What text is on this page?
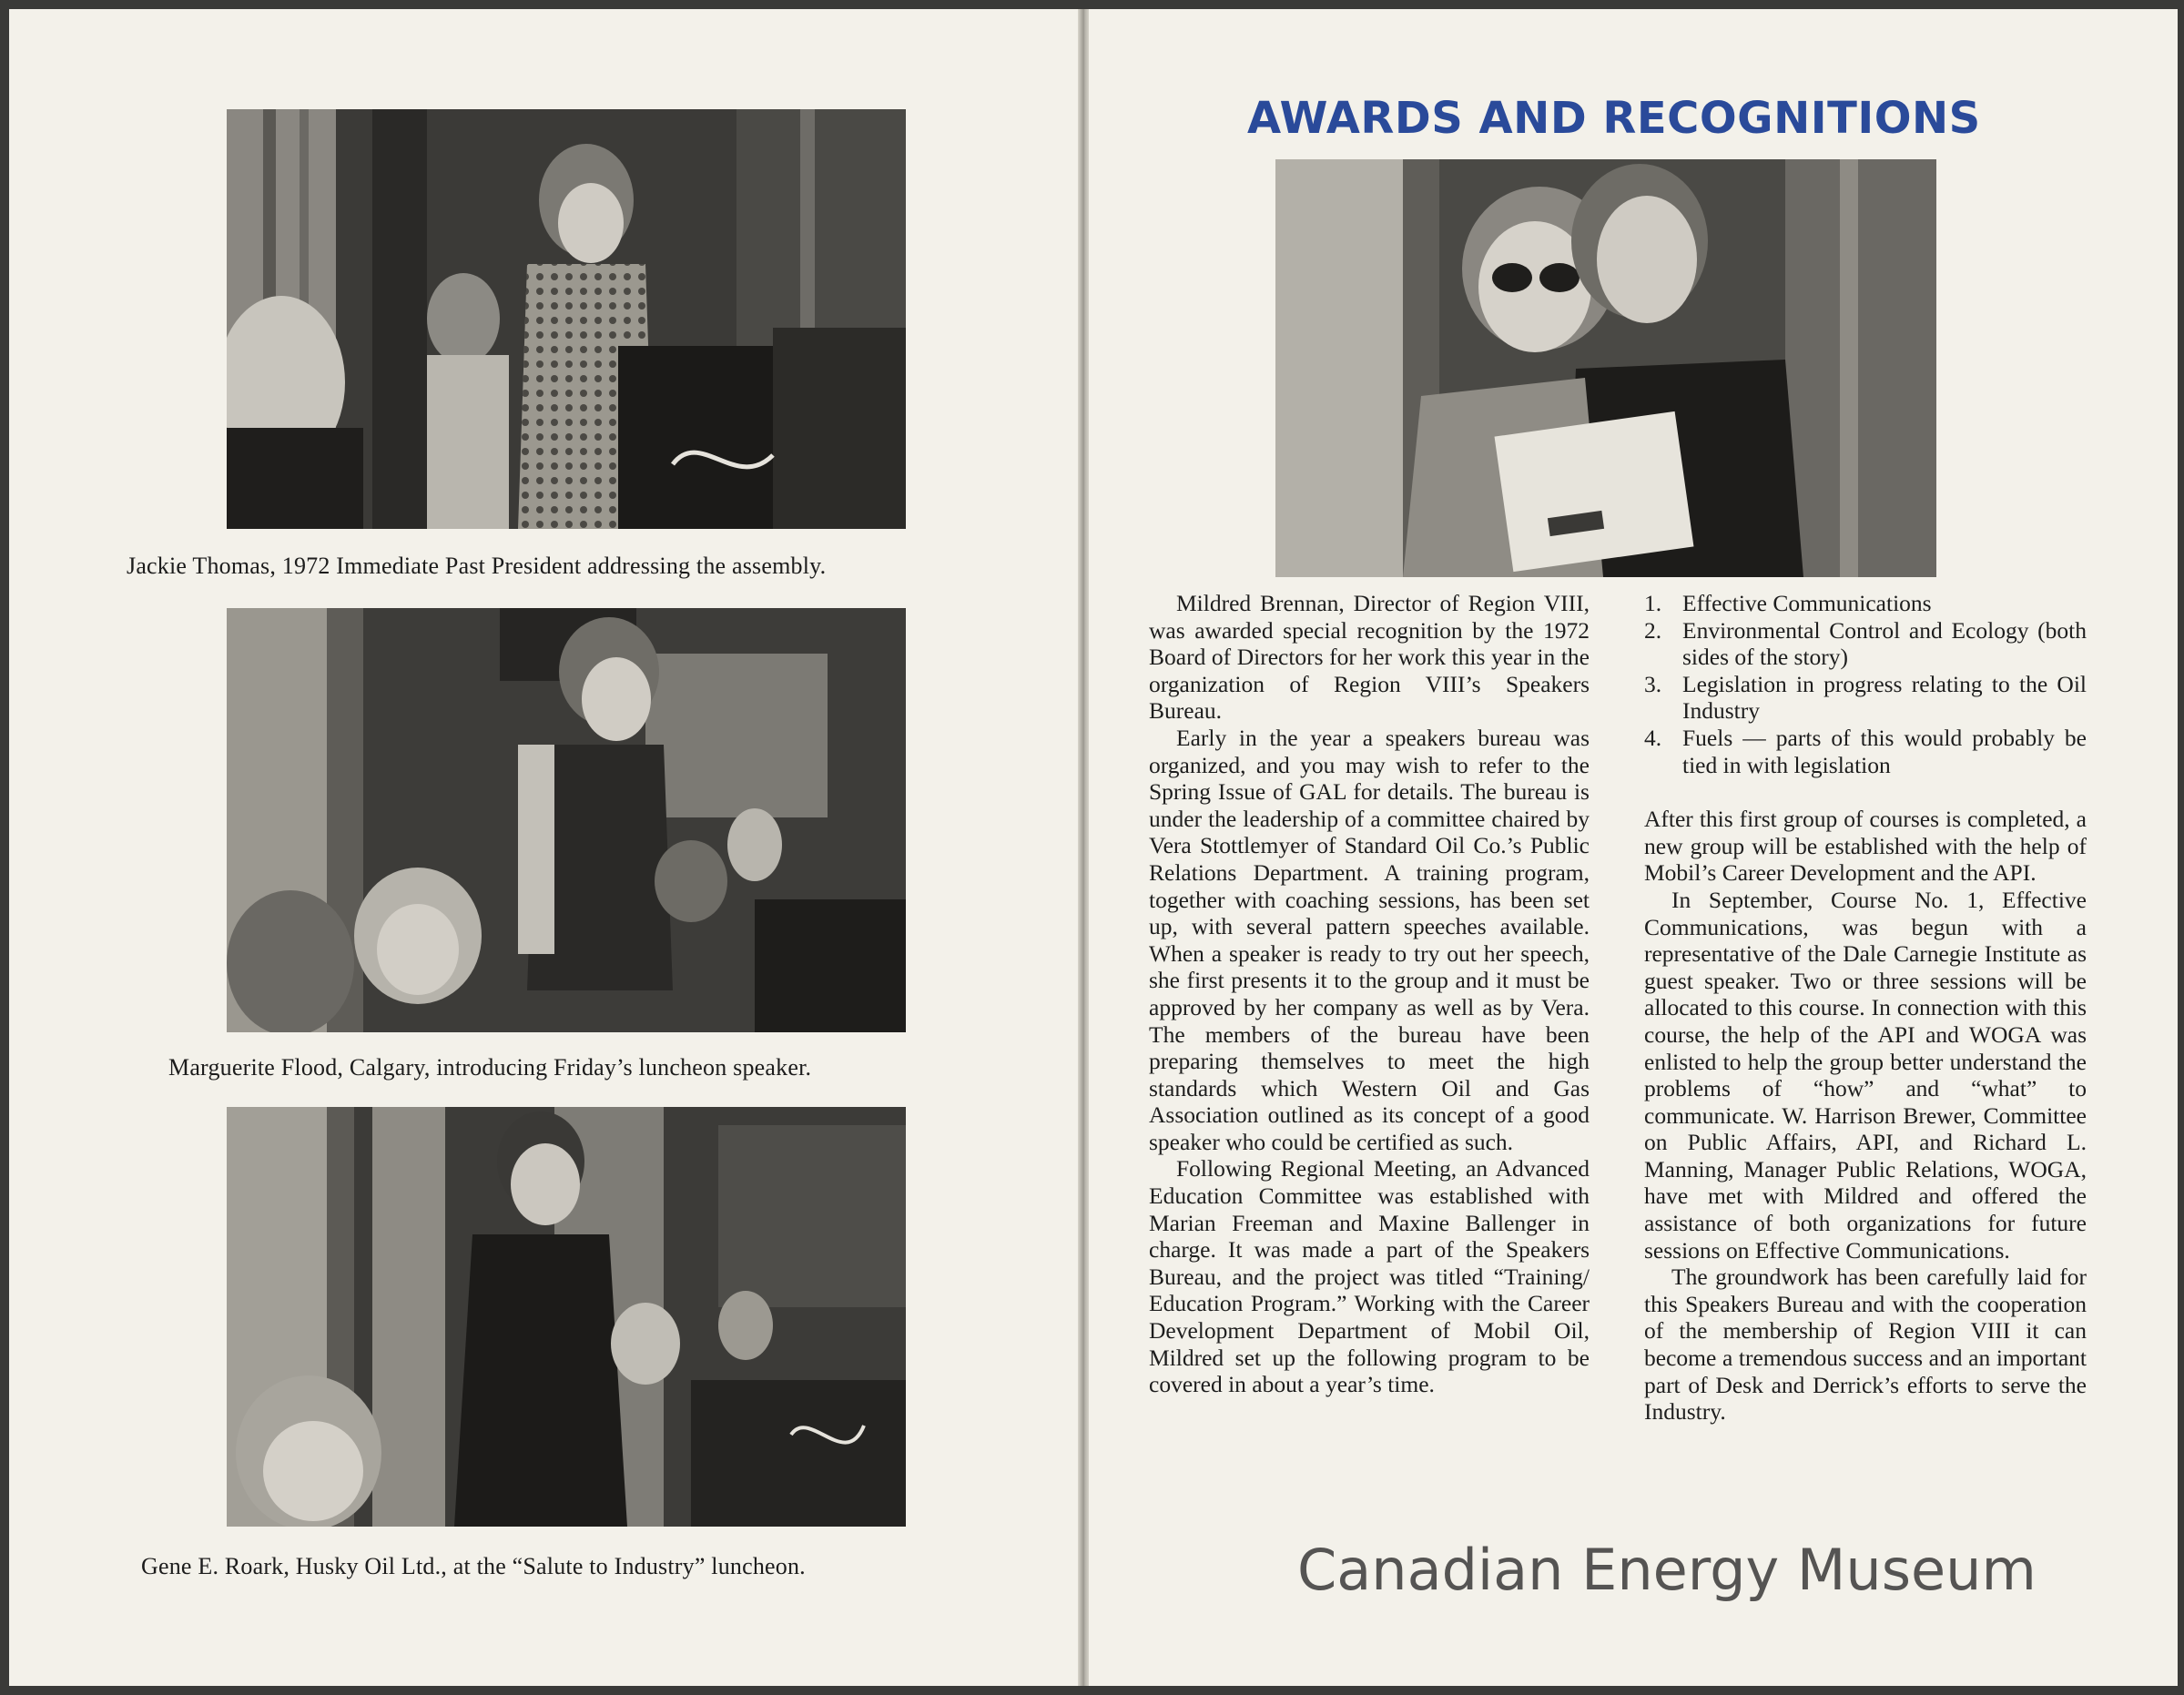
Jackie Thomas, 1972 Immediate Past President addressing the assembly.
Marguerite Flood, Calgary, introducing Friday’s luncheon speaker.
Gene E. Roark, Husky Oil Ltd., at the “Salute to Industry” luncheon.
AWARDS AND RECOGNITIONS

Mildred Brennan, Director of Region VIII, was awarded special recognition by the 1972 Board of Directors for her work this year in the organization of Region VIII’s Speakers Bureau.

Early in the year a speakers bureau was organized, and you may wish to refer to the Spring Issue of GAL for details. The bureau is under the leadership of a committee chaired by Vera Stottlemyer of Standard Oil Co.’s Public Relations Department. A training program, together with coaching sessions, has been set up, with several pattern speeches available. When a speaker is ready to try out her speech, she first presents it to the group and it must be approved by her company as well as by Vera. The members of the bureau have been preparing themselves to meet the high standards which Western Oil and Gas Association outlined as its concept of a good speaker who could be certified as such.

Following Regional Meeting, an Advanced Education Committee was established with Marian Freeman and Maxine Ballenger in charge. It was made a part of the Speakers Bureau, and the project was titled “Training/ Education Program.” Working with the Career Development Department of Mobil Oil, Mildred set up the following program to be covered in about a year’s time.

1. Effective Communications
2. Environmental Control and Ecology (both sides of the story)
3. Legislation in progress relating to the Oil Industry
4. Fuels — parts of this would probably be tied in with legislation

After this first group of courses is completed, a new group will be established with the help of Mobil’s Career Development and the API.

In September, Course No. 1, Effective Communications, was begun with a representative of the Dale Carnegie Institute as guest speaker. Two or three sessions will be allocated to this course. In connection with this course, the help of the API and WOGA was enlisted to help the group better understand the problems of “how” and “what” to communicate. W. Harrison Brewer, Committee on Public Affairs, API, and Richard L. Manning, Manager Public Relations, WOGA, have met with Mildred and offered the assistance of both organizations for future sessions on Effective Communications.

The groundwork has been carefully laid for this Speakers Bureau and with the cooperation of the membership of Region VIII it can become a tremendous success and an important part of Desk and Derrick’s efforts to serve the Industry.

Canadian Energy Museum
